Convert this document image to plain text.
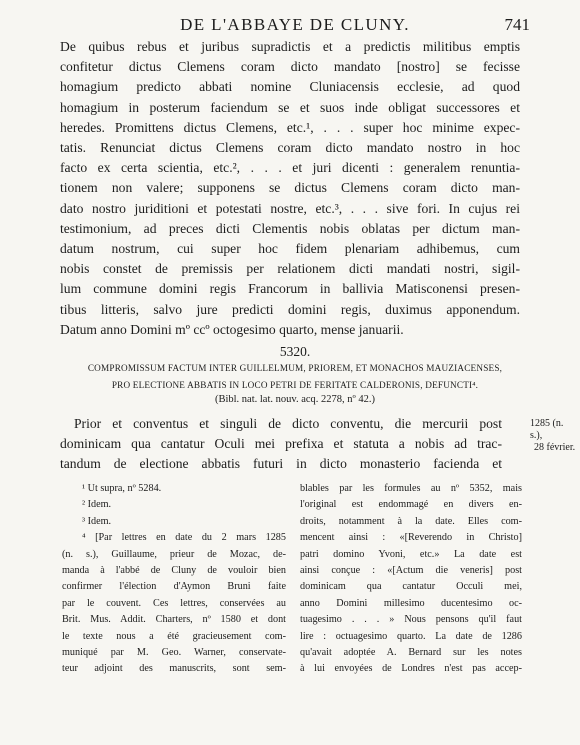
DE L'ABBAYE DE CLUNY.	741
De quibus rebus et juribus supradictis et a predictis militibus emptis
confitetur dictus Clemens coram dicto mandato [nostro] se fecisse
homagium predicto abbati nomine Cluniacensis ecclesie, ad quod
homagium in posterum faciendum se et suos inde obligat successores et
heredes. Promittens dictus Clemens, etc.¹, . . . super hoc minime expec-
tatis. Renunciat dictus Clemens coram dicto mandato nostro in hoc
facto ex certa scientia, etc.², . . . et juri dicenti : generalem renuntia-
tionem non valere; supponens se dictus Clemens coram dicto man-
dato nostro juriditioni et potestati nostre, etc.³, . . . sive fori. In cujus rei
testimonium, ad preces dicti Clementis nobis oblatas per dictum man-
datum nostrum, cui super hoc fidem plenariam adhibemus, cum
nobis constet de premissis per relationem dicti mandati nostri, sigil-
lum commune domini regis Francorum in ballivia Matisconensi presen-
tibus litteris, salvo jure predicti domini regis, duximus apponendum.
Datum anno Domini mº ccº octogesimo quarto, mense januarii.
5320.
COMPROMISSUM FACTUM INTER GUILLELMUM, PRIOREM, ET MONACHOS MAUZIACENSES,
PRO ELECTIONE ABBATIS IN LOCO PETRI DE FERITATE CALDERONIS, DEFUNCTI⁴.
(Bibl. nat. lat. nouv. acq. 2278, nº 42.)
1285 (n. s.),
28 février.
Prior et conventus et singuli de dicto conventu, die mercurii post
dominicam qua cantatur Oculi mei prefixa et statuta a nobis ad trac-
tandum de electione abbatis futuri in dicto monasterio facienda et
¹ Ut supra, nº 5284.
² Idem.
³ Idem.
⁴ [Par lettres en date du 2 mars 1285
(n. s.), Guillaume, prieur de Mozac, de-
manda à l'abbé de Cluny de vouloir bien
confirmer l'élection d'Aymon Bruni faite
par le couvent. Ces lettres, conservées au
Brit. Mus. Addit. Charters, nº 1580 et dont
le texte nous a été gracieusement com-
muniqué par M. Geo. Warner, conservate-
teur adjoint des manuscrits, sont sem-
blables par les formules au nº 5352, mais
l'original est endommagé en divers en-
droits, notamment à la date. Elles com-
mencent ainsi : «[Reverendo in Christo]
patri domino Yvoni, etc.» La date est
ainsi conçue : «[Actum die veneris] post
dominicam qua cantatur Occuli mei,
anno Domini millesimo ducentesimo oc-
tuagesimo . . . » Nous pensons qu'il faut
lire : octuagesimo quarto. La date de 1286
qu'avait adoptée A. Bernard sur les notes
à lui envoyées de Londres n'est pas accep-
